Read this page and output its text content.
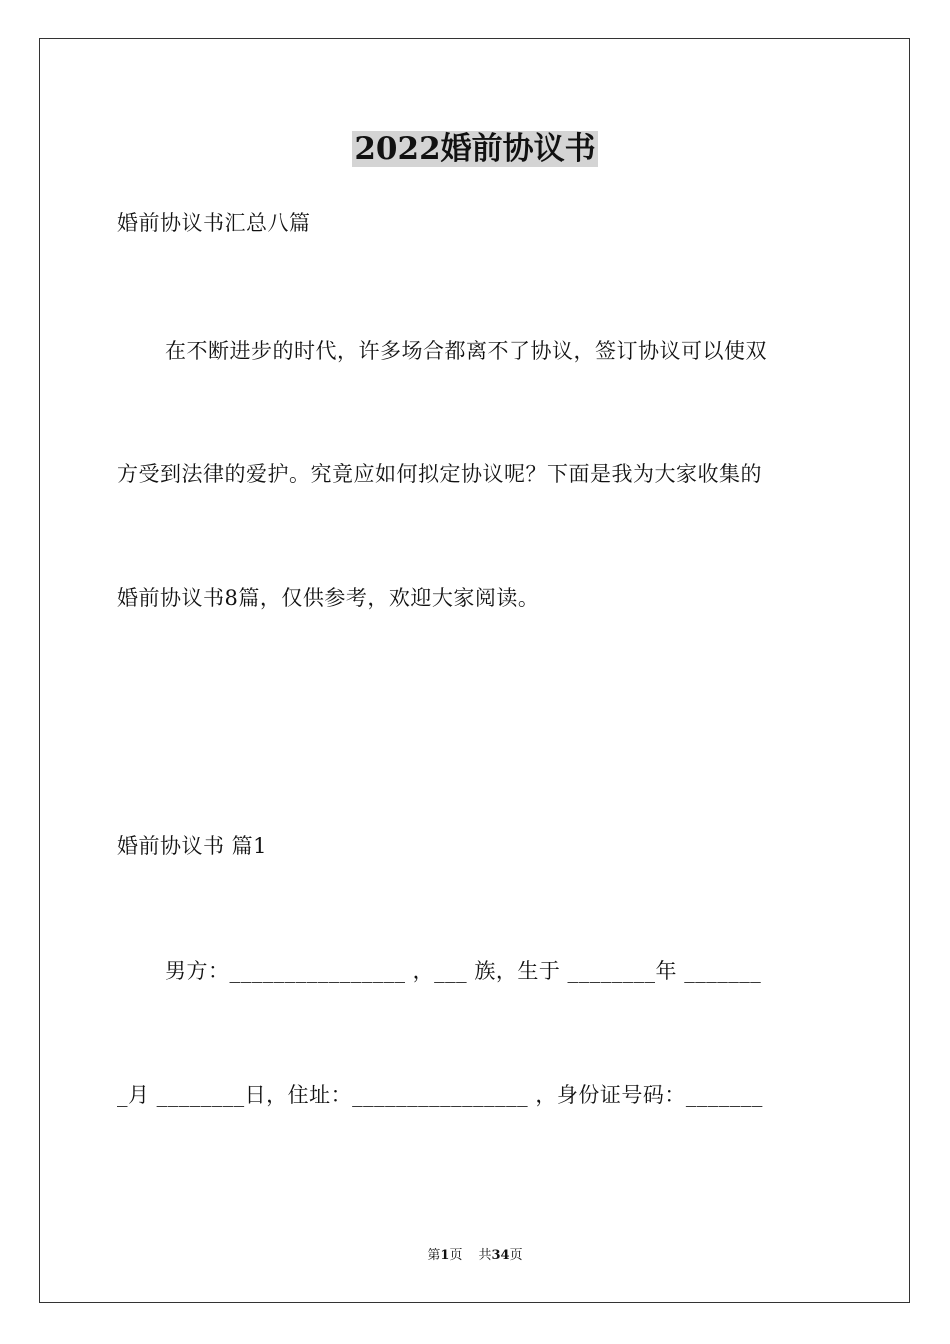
2022婚前协议书
婚前协议书汇总八篇
在不断进步的时代，许多场合都离不了协议，签订协议可以使双
方受到法律的爱护。究竟应如何拟定协议呢？下面是我为大家收集的
婚前协议书8篇，仅供参考，欢迎大家阅读。
婚前协议书 篇1
男方：________________ ，___ 族，生于 ________年 _______
_月 ________日，住址：________________ ，身份证号码：_______
第1页 共34页
